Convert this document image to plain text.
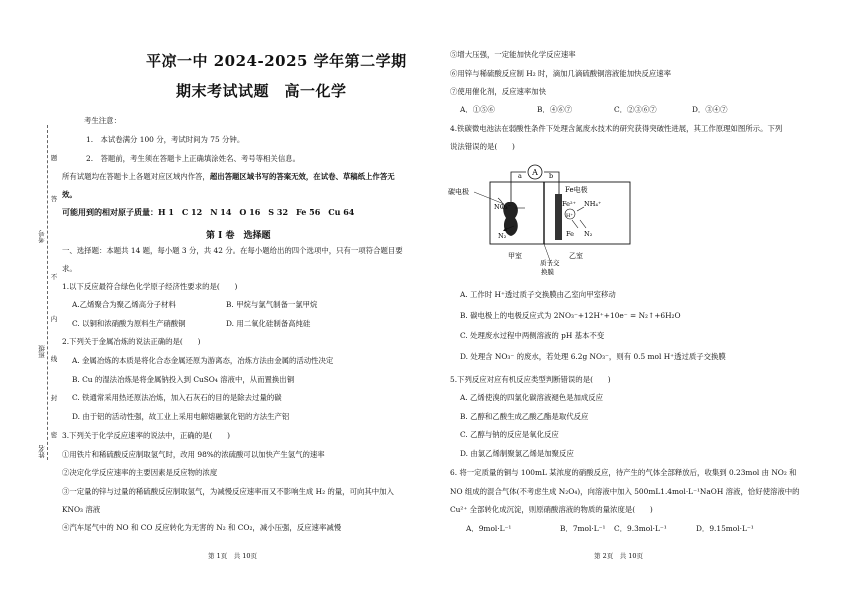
题
答
不
内
线
封
密
考号
班级
姓名
平凉一中 2024-2025 学年第二学期
期末考试试题　高一化学
考生注意：
1.　本试卷满分 100 分，考试时间为 75 分钟。
2.　答题前，考生须在答题卡上正确填涂姓名、考号等相关信息。
所有试题均在答题卡上各题对应区域内作答，超出答题区域书写的答案无效，在试卷、草稿纸上作答无
效。
可能用到的相对原子质量：H 1　C 12　N 14　O 16　S 32　Fe 56　Cu 64
第 I 卷　选择题
一、选择题：本题共 14 题，每小题 3 分，共 42 分。在每小题给出的四个选项中，只有一项符合题目要
求。
1.以下反应最符合绿色化学原子经济性要求的是(　　)
A.乙烯聚合为聚乙烯高分子材料	B. 甲烷与氯气制备一氯甲烷
C. 以铜和浓硝酸为原料生产硝酸铜	D. 用二氧化硅制备高纯硅
2.下列关于金属冶炼的说法正确的是(　　)
A. 金属冶炼的本质是将化合态金属还原为游离态，冶炼方法由金属的活动性决定
B. Cu 的湿法冶炼是将金属钠投入到 CuSO₄ 溶液中，从而置换出铜
C. 铁通常采用热还原法冶炼，加入石灰石的目的是除去过量的碳
D. 由于铝的活动性强，故工业上采用电解熔融氯化铝的方法生产铝
3.下列关于化学反应速率的说法中，正确的是(　　)
①用铁片和稀硫酸反应制取氢气时，改用 98%的浓硫酸可以加快产生氢气的速率
②决定化学反应速率的主要因素是反应物的浓度
③一定量的锌与过量的稀硫酸反应制取氢气，为减慢反应速率而又不影响生成 H₂ 的量，可向其中加入
KNO₃ 溶液
④汽车尾气中的 NO 和 CO 反应转化为无害的 N₂ 和 CO₂，减小压强，反应速率减慢
第 1页　共 10页
⑤增大压强，一定能加快化学反应速率
⑥用锌与稀硫酸反应制 H₂ 时，滴加几滴硫酸铜溶液能加快反应速率
⑦使用催化剂，反应速率加快
A．①⑤⑥	B．④⑥⑦	C．②③⑥⑦	D．③④⑦
4.铁碳微电池法在弱酸性条件下处理含氮废水技术的研究获得突破性进展，其工作原理如图所示。下列
说法错误的是(　　)
A
a	b
碳电极	Fe电极
NO₃⁻
N₂
Fe²⁺ NH₄⁺
H⁺
Fe N₂
甲室	乙室
质子交
换膜
A. 工作时 H⁺透过质子交换膜由乙室向甲室移动
B. 碳电极上的电极反应式为 2NO₃⁻+12H⁺+10e⁻ = N₂↑+6H₂O
C. 处理废水过程中两侧溶液的 pH 基本不变
D. 处理含 NO₃⁻ 的废水，若处理 6.2g NO₃⁻，则有 0.5 mol H⁺透过质子交换膜
5.下列反应对应有机反应类型判断错误的是(　　)
A. 乙烯使溴的四氯化碳溶液褪色是加成反应
B. 乙醇和乙酸生成乙酸乙酯是取代反应
C. 乙醇与钠的反应是氧化反应
D. 由氯乙烯制聚氯乙烯是加聚反应
6. 将一定质量的铜与 100mL 某浓度的硝酸反应，待产生的气体全部释放后，收集到 0.23mol 由 NO₂ 和
NO 组成的混合气体(不考虑生成 N₂O₄)，向溶液中加入 500mL1.4mol·L⁻¹NaOH 溶液，恰好使溶液中的
Cu²⁺ 全部转化成沉淀，则原硝酸溶液的物质的量浓度是(　　)
A．9mol·L⁻¹	B．7mol·L⁻¹ C．9.3mol·L⁻¹	D．9.15mol·L⁻¹
第 2页　共 10页
